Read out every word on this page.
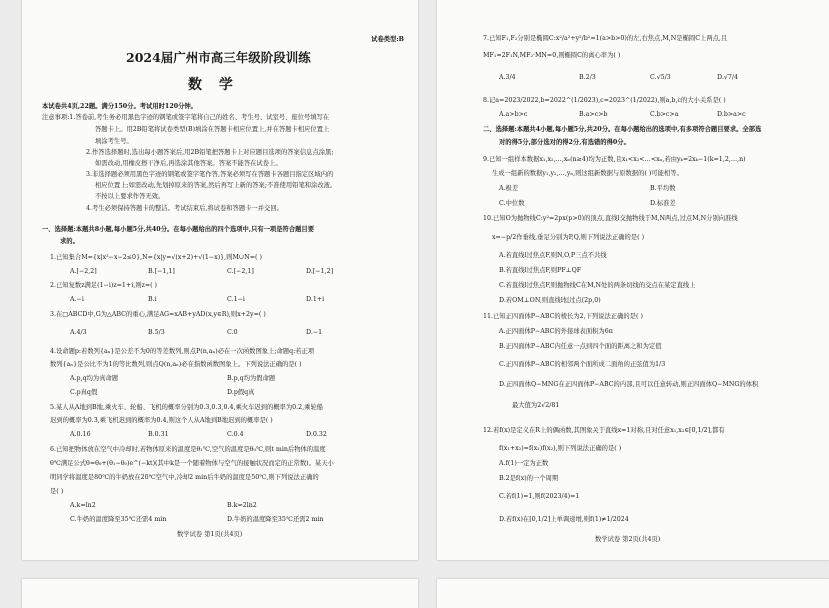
试卷类型:B
2024届广州市高三年级阶段训练
数 学
本试卷共4页,22题。满分150分。考试用时120分钟。
注意事项:1.答卷前,考生务必用黑色字迹的钢笔或签字笔将自己的姓名、考生号、试室号、座位号填写在
答题卡上。用2B铅笔将试卷类型(B)填涂在答题卡相应位置上,并在答题卡相应位置上
填涂考生号。
2.作答选择题时,选出每小题答案后,用2B铅笔把答题卡上对应题目选项的答案信息点涂黑;
如需改动,用橡皮擦干净后,再选涂其他答案。答案不能答在试卷上。
3.非选择题必须用黑色字迹的钢笔或签字笔作答,答案必须写在答题卡各题目指定区域内的
相应位置上;如需改动,先划掉原来的答案,然后再写上新的答案;不准使用铅笔和涂改液。
不按以上要求作答无效。
4.考生必须保持答题卡的整洁。考试结束后,将试卷和答题卡一并交回。
一、选择题:本题共8小题,每小题5分,共40分。在每小题给出的四个选项中,只有一项是符合题目要
求的。
1.已知集合M={x|x²−x−2≤0},N={x|y=√(x+2)+√(1−x)},则M∪N=( )
A.[−2,2]	B.[−1,1]	C.[−2,1]	D.[−1,2]
2.已知复数z满足(1−i)z=1+i,则z=( )
A.−i	B.i	C.1−i	D.1+i
3.在□ABCD中,G为△ABC的重心,满足AG=xAB+yAD(x,y∈R),则x+2y=( )
A.4/3	B.5/3	C.0	D.−1
4.设命题p:若数列{aₙ}是公差不为0的等差数列,则点P(n,aₙ)必在一次函数图象上;命题q:若正项
数列{aₙ}是公比不为1的等比数列,则点Q(n,aₙ)必在指数函数图象上。下列说法正确的是( )
A.p,q均为真命题	B.p,q均为假命题
C.p真q假	D.p假q真
5.某人从A地到B地,乘火车、轮船、飞机的概率分别为0.3,0.3,0.4,乘火车迟到的概率为0.2,乘轮船
迟到的概率为0.3,乘飞机迟到的概率为0.4,则这个人从A地到B地迟到的概率是( )
A.0.16	B.0.31	C.0.4	D.0.32
6.已知把物体放在空气中冷却时,若物体原来的温度是θ₁℃,空气的温度是θ₀℃,则t min后物体的温度
θ℃满足公式θ=θ₀+(θ₁−θ₀)e^(−kt)(其中k是一个随着物体与空气的接触状况而定的正常数)。某天小
明同学将温度是80℃的牛奶放在20℃空气中,冷却2 min后牛奶的温度是50℃,则下列说法正确的
是( )
A.k=ln2	B.k=2ln2
C.牛奶的温度降至35℃还需4 min	D.牛奶的温度降至35℃还需2 min
数学试卷 第1页(共4页)
7.已知F₁,F₂分别是椭圆C:x²/a²+y²/b²=1(a>b>0)的左,右焦点,M,N是椭圆C上两点,且
MF₁=2F₁N,MF₂·MN=0,则椭圆C的离心率为( )
A.3/4	B.2/3	C.√5/3	D.√7/4
8.记a=2023/2022,b=2022^(1/2023),c=2023^(1/2022),则a,b,c的大小关系是( )
A.a>b>c	B.a>c>b	C.b>c>a	D.b>a>c
二、选择题:本题共4小题,每小题5分,共20分。在每小题给出的选项中,有多项符合题目要求。全部选
对的得5分,部分选对的得2分,有选错的得0分。
9.已知一组样本数据x₁,x₂,…,xₙ(n≥4)均为正数,且x₁<x₂<…<xₙ,若由yₖ=2xₖ−1(k=1,2,…,n)
生成一组新的数据y₁,y₂,…,yₙ,则这组新数据与原数据的( )可能相等。
A.极差	B.平均数
C.中位数	D.标准差
10.已知O为抛物线C:y²=2px(p>0)的顶点,直线l交抛物线于M,N两点,过点M,N分别向准线
x=−p/2作垂线,垂足分别为P,Q,则下列说法正确的是( )
A.若直线l过焦点F,则N,O,P三点不共线
B.若直线l过焦点F,则PF⊥QF
C.若直线l过焦点F,则抛物线C在M,N处的两条切线的交点在某定直线上
D.若OM⊥ON,则直线l恒过点(2p,0)
11.已知正四面体P−ABC的棱长为2,下列说法正确的是( )
A.正四面体P−ABC的外接球表面积为6π
B.正四面体P−ABC内任意一点到四个面的距离之和为定值
C.正四面体P−ABC的相邻两个面所成二面角的正弦值为1/3
D.正四面体Q−MNG在正四面体P−ABC的内部,且可以任意转动,则正四面体Q−MNG的体积
最大值为2√2/81
12.若f(x)是定义在R上的偶函数,其图象关于直线x=1对称,且对任意x₁,x₂∈[0,1/2],都有
f(x₁+x₂)=f(x₁)f(x₂),则下列说法正确的是( )
A.f(1)一定为正数
B.2是f(x)的一个周期
C.若f(1)=1,则f(2023/4)=1
D.若f(x)在[0,1/2]上单调递增,则f(1)≠1/2024
数学试卷 第2页(共4页)
